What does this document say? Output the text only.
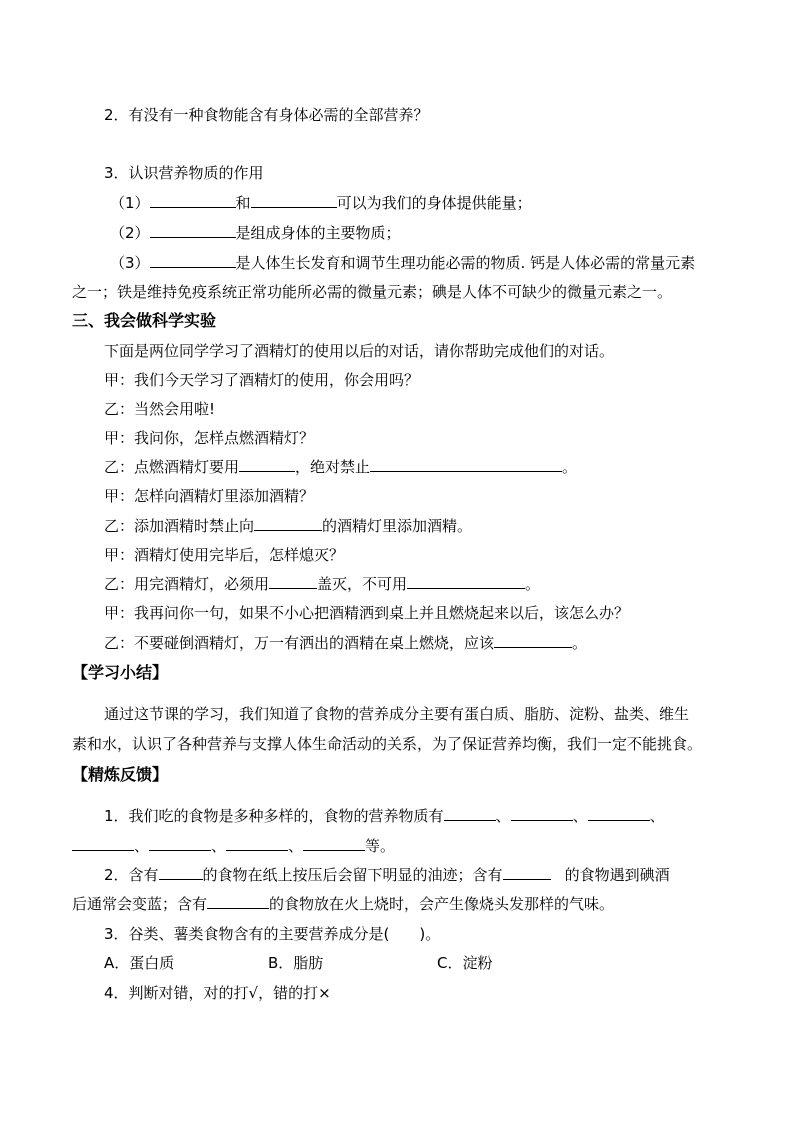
2．有没有一种食物能含有身体必需的全部营养？
3．认识营养物质的作用
（1）	和	可以为我们的身体提供能量；
（2）	是组成身体的主要物质；
（3）	是人体生长发育和调节生理功能必需的物质. 钙是人体必需的常量元素
之一；铁是维持免疫系统正常功能所必需的微量元素；碘是人体不可缺少的微量元素之一。
三、我会做科学实验
下面是两位同学学习了酒精灯的使用以后的对话，请你帮助完成他们的对话。
甲：我们今天学习了酒精灯的使用，你会用吗？
乙：当然会用啦!
甲：我问你，怎样点燃酒精灯？
乙：点燃酒精灯要用	，绝对禁止	。
甲：怎样向酒精灯里添加酒精？
乙：添加酒精时禁止向	的酒精灯里添加酒精。
甲：酒精灯使用完毕后，怎样熄灭？
乙：用完酒精灯，必须用	盖灭，不可用	。
甲：我再问你一句，如果不小心把酒精洒到桌上并且燃烧起来以后，该怎么办？
乙：不要碰倒酒精灯，万一有洒出的酒精在桌上燃烧，应该	。
【学习小结】
通过这节课的学习，我们知道了食物的营养成分主要有蛋白质、脂肪、淀粉、盐类、维生
素和水，认识了各种营养与支撑人体生命活动的关系，为了保证营养均衡，我们一定不能挑食。
【精炼反馈】
1．我们吃的食物是多种多样的，食物的营养物质有	、	、	、
、	、	、	等。
2．含有	的食物在纸上按压后会留下明显的油迹；含有	的食物遇到碘酒
后通常会变蓝；含有	的食物放在火上烧时，会产生像烧头发那样的气味。
3．谷类、薯类食物含有的主要营养成分是(　　)。
A．蛋白质	B．脂肪	C．淀粉
4．判断对错，对的打√，错的打×
